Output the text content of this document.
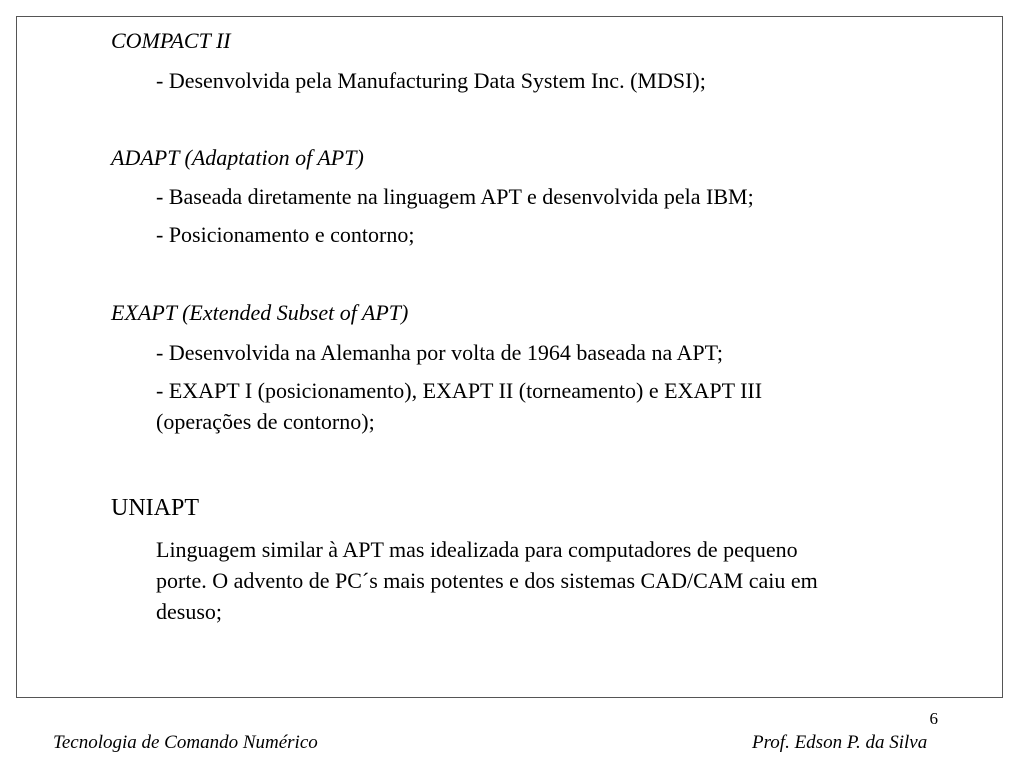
COMPACT II
- Desenvolvida pela Manufacturing Data System Inc. (MDSI);
ADAPT (Adaptation of APT)
- Baseada diretamente na linguagem APT e desenvolvida pela IBM;
- Posicionamento e contorno;
EXAPT (Extended Subset of APT)
- Desenvolvida na Alemanha por volta de 1964 baseada na APT;
- EXAPT I (posicionamento), EXAPT II (torneamento) e EXAPT III
(operações de contorno);
UNIAPT
Linguagem similar à APT mas idealizada para computadores de pequeno
porte. O advento de PC´s mais potentes e dos sistemas CAD/CAM caiu em
desuso;
6
Tecnologia de Comando Numérico	Prof. Edson P. da Silva
